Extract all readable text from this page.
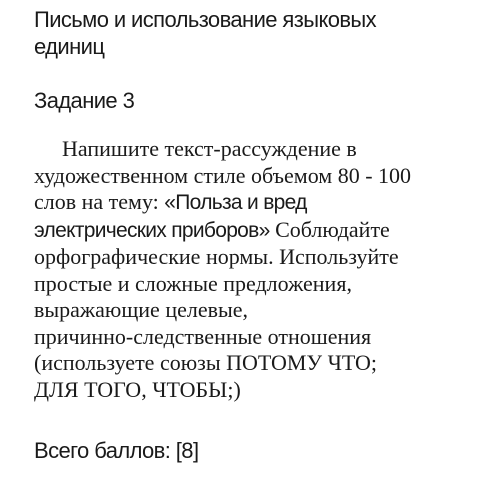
Письмо и использование языковых
единиц
Задание 3

Напишите текст-рассуждение в
художественном стиле объемом 80 - 100
слов на тему: «Польза и вред
электрических приборов» Соблюдайте
орфографические нормы. Используйте
простые и сложные предложения,
выражающие целевые,
причинно-следственные отношения
(используете союзы ПОТОМУ ЧТО;
ДЛЯ ТОГО, ЧТОБЫ;)

Всего баллов: [8]
